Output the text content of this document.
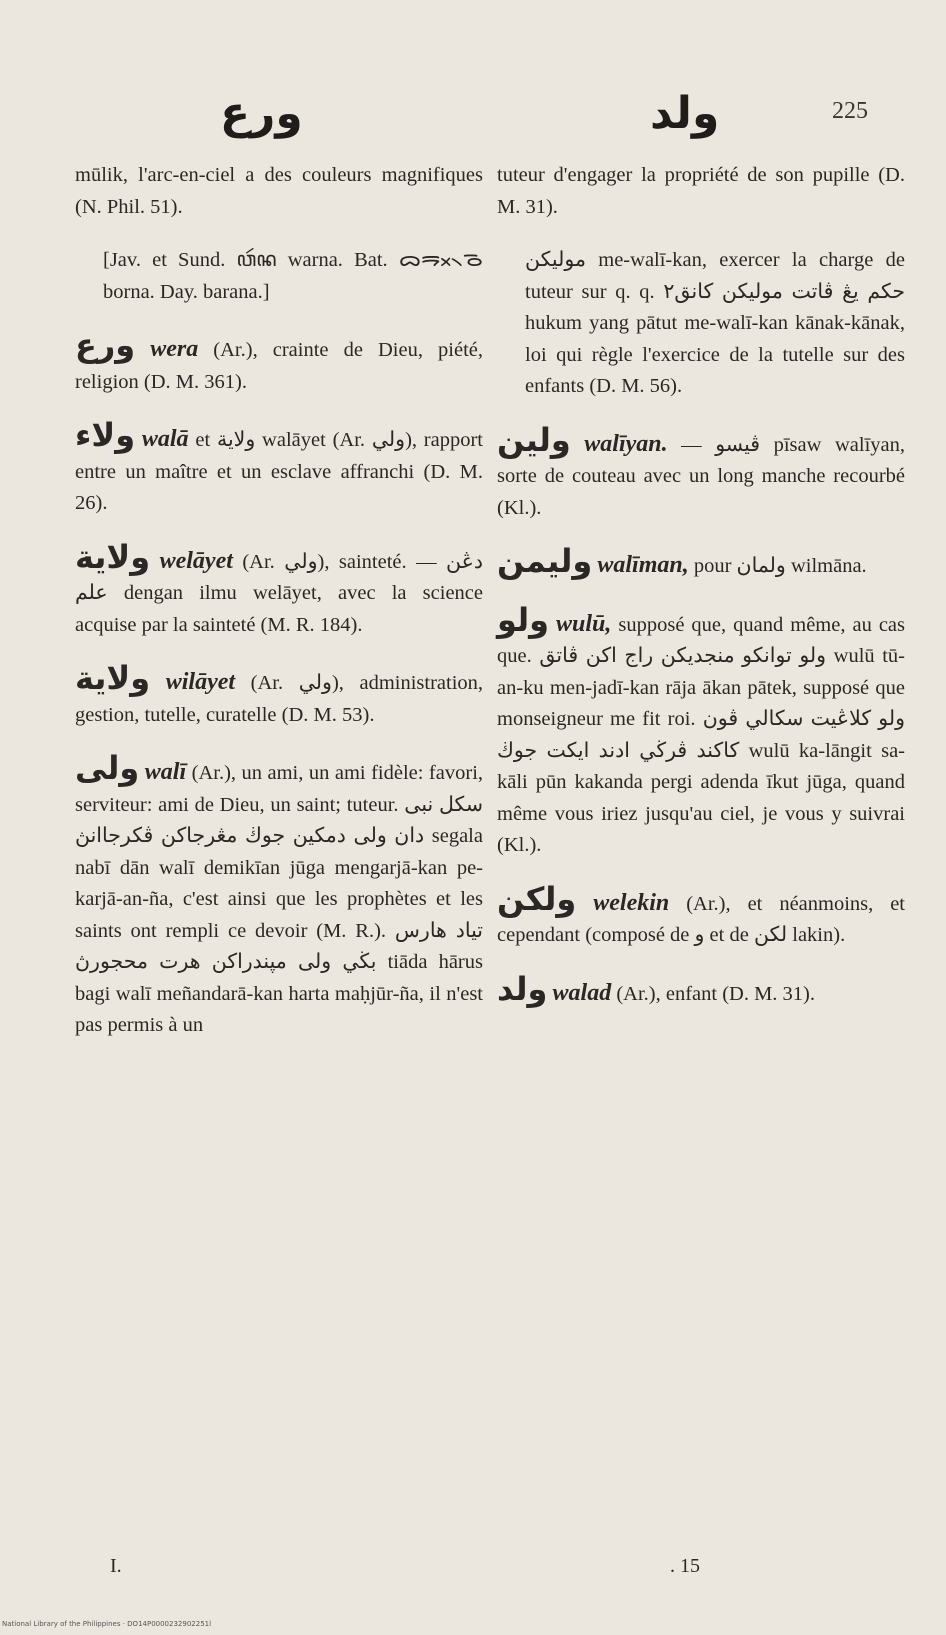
ورع	ولد	225

mūlik, l'arc-en-ciel a des couleurs magnifiques (N. Phil. 51).

[Jav. et Sund. ꦮꦂꦤ warna. Bat. ᯅᯬᯒ᯲ᯉ borna. Day. barana.]

ورع wera (Ar.), crainte de Dieu, piété, religion (D. M. 361).

ولاء walā et ولاية walāyet (Ar. ولي), rapport entre un maître et un esclave affranchi (D. M. 26).

ولاية welāyet (Ar. ولي), sainteté. — دڠن علم dengan ilmu welāyet, avec la science acquise par la sainteté (M. R. 184).

ولاية wilāyet (Ar. ولي), administration, gestion, tutelle, curatelle (D. M. 53).

ولى walī (Ar.), un ami, un ami fidèle: favori, serviteur: ami de Dieu, un saint; tuteur. سکل نبی دان ولی دمکین جوڬ مڠرجاکن ڤکرجاانڽ segala nabī dān walī demikīan jūga mengarjā-kan pe-karjā-an-ña, c'est ainsi que les prophètes et les saints ont rempli ce devoir (M. R.). تياد هارس بڬي ولی مڽندراکن هرت محجورڽ tiāda hārus bagi walī meñandarā-kan harta maḥjūr-ña, il n'est pas permis à un

tuteur d'engager la propriété de son pupille (D. M. 31).

موليکن me-walī-kan, exercer la charge de tuteur sur q. q. حکم يڠ ڤاتت موليکن کانق٢ hukum yang pātut me-walī-kan kānak-kānak, loi qui règle l'exercice de la tutelle sur des enfants (D. M. 56).

ولين walīyan. — ڤيسو pīsaw walīyan, sorte de couteau avec un long manche recourbé (Kl.).

وليمن walīman, pour ولمان wilmāna.

ولو wulū, supposé que, quand même, au cas que. ولو توانکو منجديکن راج اکن ڤاتق wulū tū-an-ku men-jadī-kan rāja ākan pātek, supposé que monseigneur me fit roi. ولو کلاڠيت سکالي ڤون کاکند ڤرڬي ادند ايکت جوڬ wulū ka-lāngit sa-kāli pūn kakanda pergi adenda īkut jūga, quand même vous iriez jusqu'au ciel, je vous y suivrai (Kl.).

ولکن welekin (Ar.), et néanmoins, et cependant (composé de و et de لکن lakin).

ولد walad (Ar.), enfant (D. M. 31).

I.	. 15
National Library of the Philippines · DO14P0000232902251l
